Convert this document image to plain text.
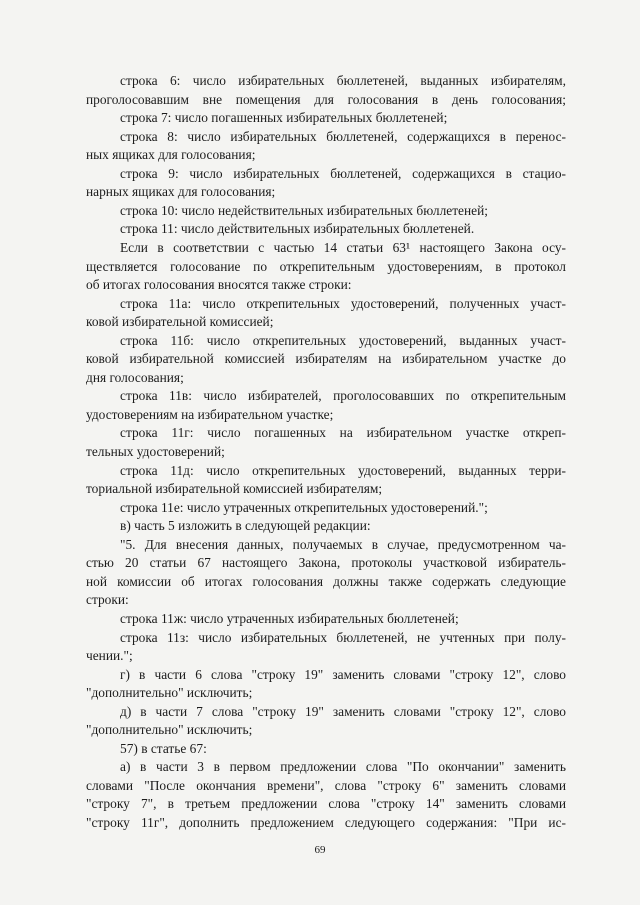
строка 6: число избирательных бюллетеней, выданных избирателям,
проголосовавшим вне помещения для голосования в день голосования;
строка 7: число погашенных избирательных бюллетеней;
строка 8: число избирательных бюллетеней, содержащихся в перенос-
ных ящиках для голосования;
строка 9: число избирательных бюллетеней, содержащихся в стацио-
нарных ящиках для голосования;
строка 10: число недействительных избирательных бюллетеней;
строка 11: число действительных избирательных бюллетеней.
Если в соответствии с частью 14 статьи 63¹ настоящего Закона осу-
ществляется голосование по открепительным удостоверениям, в протокол
об итогах голосования вносятся также строки:
строка 11а: число открепительных удостоверений, полученных участ-
ковой избирательной комиссией;
строка 11б: число открепительных удостоверений, выданных участ-
ковой избирательной комиссией избирателям на избирательном участке до
дня голосования;
строка 11в: число избирателей, проголосовавших по открепительным
удостоверениям на избирательном участке;
строка 11г: число погашенных на избирательном участке откреп-
тельных удостоверений;
строка 11д: число открепительных удостоверений, выданных терри-
ториальной избирательной комиссией избирателям;
строка 11е: число утраченных открепительных удостоверений.";
в) часть 5 изложить в следующей редакции:
"5. Для внесения данных, получаемых в случае, предусмотренном ча-
стью 20 статьи 67 настоящего Закона, протоколы участковой избиратель-
ной комиссии об итогах голосования должны также содержать следующие
строки:
строка 11ж: число утраченных избирательных бюллетеней;
строка 11з: число избирательных бюллетеней, не учтенных при полу-
чении.";
г) в части 6 слова "строку 19" заменить словами "строку 12", слово
"дополнительно" исключить;
д) в части 7 слова "строку 19" заменить словами "строку 12", слово
"дополнительно" исключить;
57) в статье 67:
а) в части 3 в первом предложении слова "По окончании" заменить
словами "После окончания времени", слова "строку 6" заменить словами
"строку 7", в третьем предложении слова "строку 14" заменить словами
"строку 11г", дополнить предложением следующего содержания: "При ис-
69
